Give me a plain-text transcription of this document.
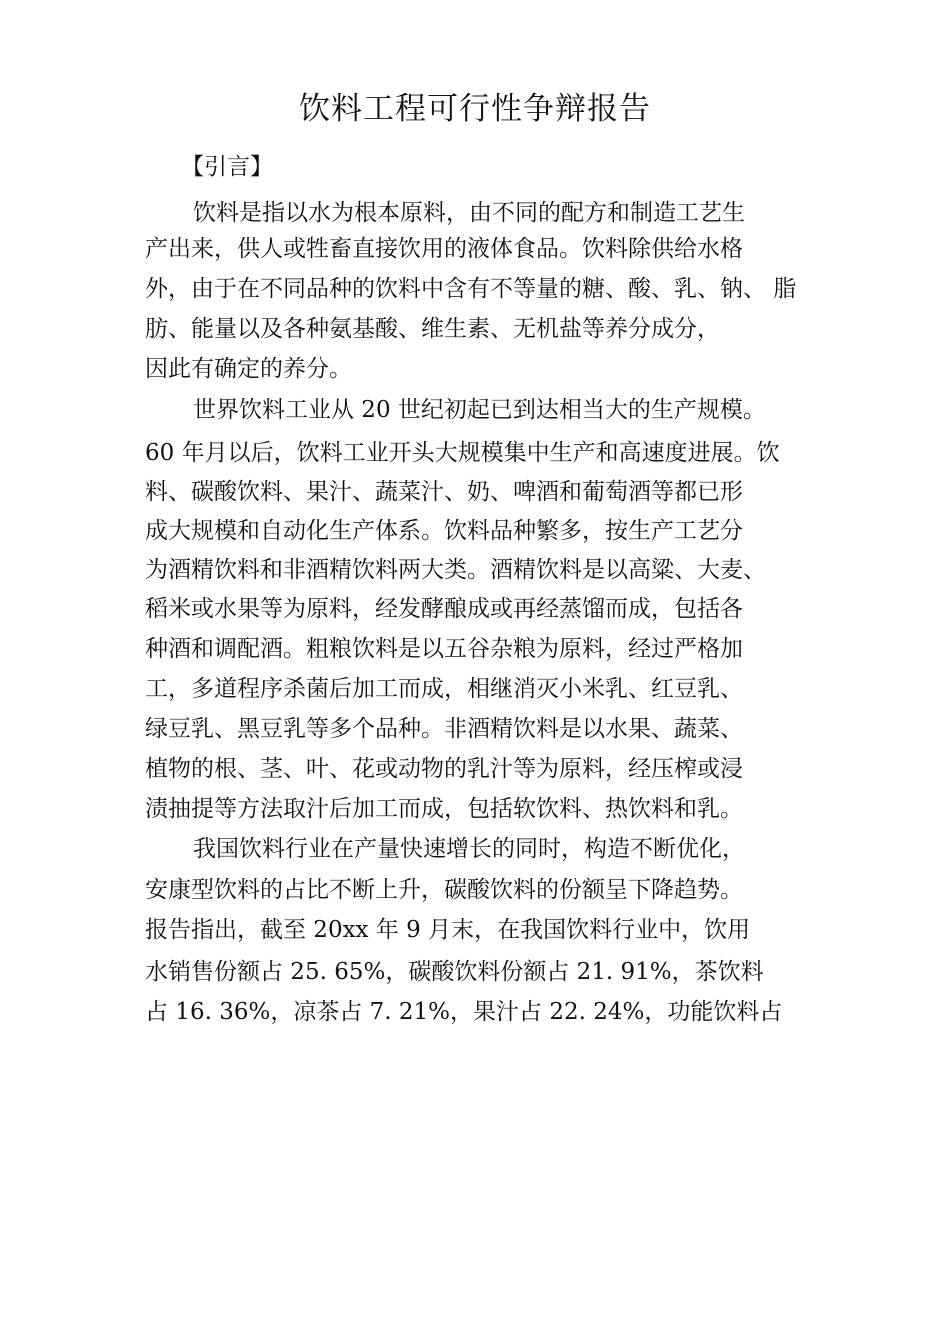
饮料工程可行性争辩报告

【引言】

饮料是指以水为根本原料，由不同的配方和制造工艺生

产出来，供人或牲畜直接饮用的液体食品。饮料除供给水格

外，由于在不同品种的饮料中含有不等量的糖、酸、乳、钠、 脂

肪、能量以及各种氨基酸、维生素、无机盐等养分成分，

因此有确定的养分。

世界饮料工业从 20 世纪初起已到达相当大的生产规模。

60 年月以后，饮料工业开头大规模集中生产和高速度进展。饮

料、碳酸饮料、果汁、蔬菜汁、奶、啤酒和葡萄酒等都已形

成大规模和自动化生产体系。饮料品种繁多，按生产工艺分

为酒精饮料和非酒精饮料两大类。酒精饮料是以高粱、大麦、

稻米或水果等为原料，经发酵酿成或再经蒸馏而成，包括各

种酒和调配酒。粗粮饮料是以五谷杂粮为原料，经过严格加

工，多道程序杀菌后加工而成，相继消灭小米乳、红豆乳、

绿豆乳、黑豆乳等多个品种。非酒精饮料是以水果、蔬菜、

植物的根、茎、叶、花或动物的乳汁等为原料，经压榨或浸

渍抽提等方法取汁后加工而成，包括软饮料、热饮料和乳。

我国饮料行业在产量快速增长的同时，构造不断优化，

安康型饮料的占比不断上升，碳酸饮料的份额呈下降趋势。

报告指出，截至 20xx 年 9 月末，在我国饮料行业中，饮用

水销售份额占 25. 65%，碳酸饮料份额占 21. 91%，茶饮料

占 16. 36%，凉茶占 7. 21%，果汁占 22. 24%，功能饮料占
